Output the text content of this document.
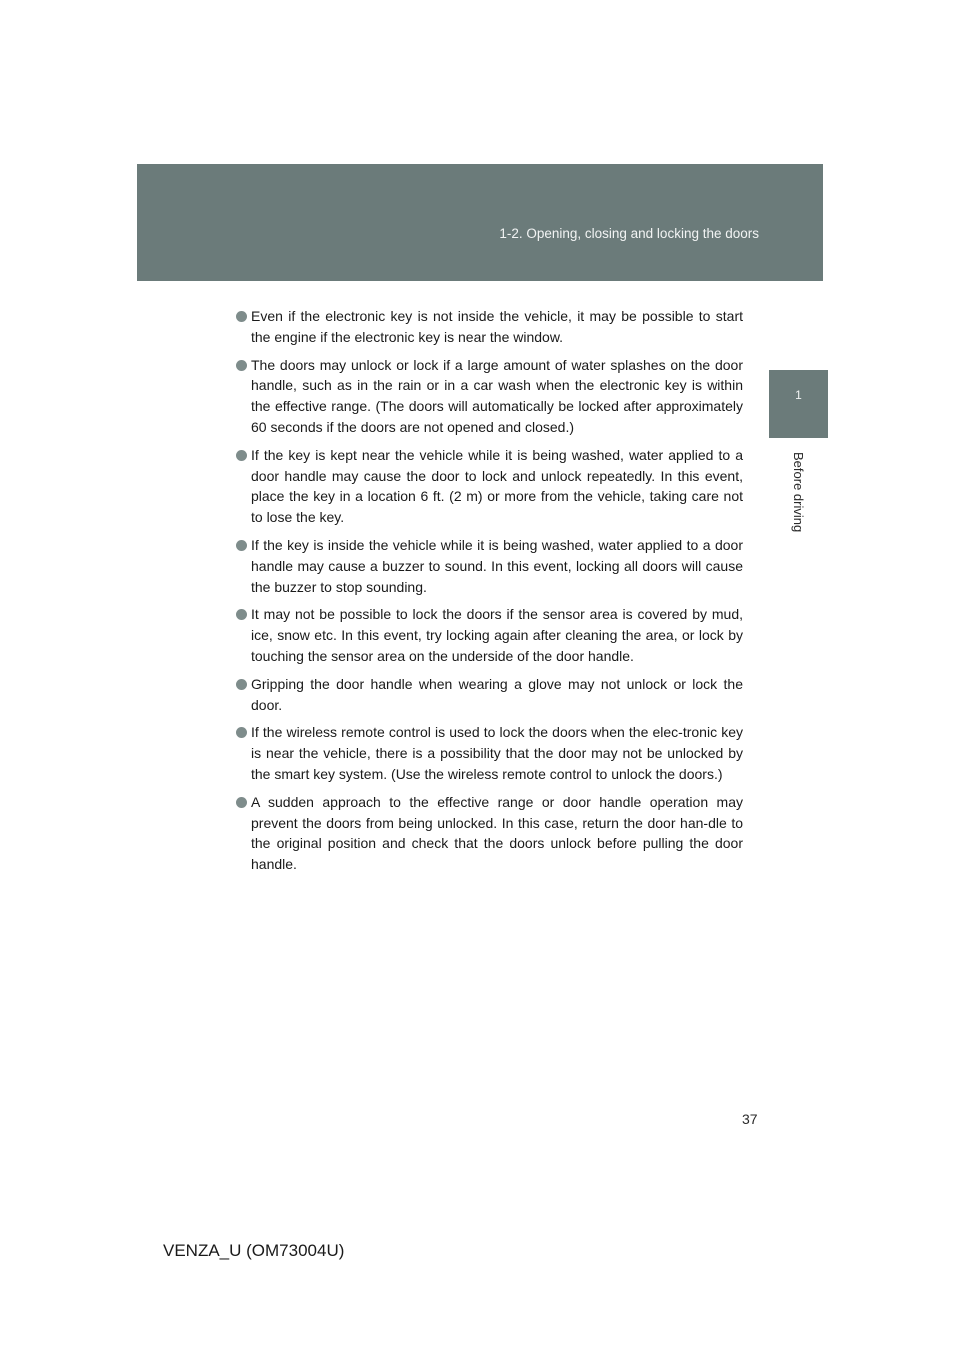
1-2. Opening, closing and locking the doors
1
Before driving
Even if the electronic key is not inside the vehicle, it may be possible to start the engine if the electronic key is near the window.
The doors may unlock or lock if a large amount of water splashes on the door handle, such as in the rain or in a car wash when the electronic key is within the effective range. (The doors will automatically be locked after approximately 60 seconds if the doors are not opened and closed.)
If the key is kept near the vehicle while it is being washed, water applied to a door handle may cause the door to lock and unlock repeatedly. In this event, place the key in a location 6 ft. (2 m) or more from the vehicle, taking care not to lose the key.
If the key is inside the vehicle while it is being washed, water applied to a door handle may cause a buzzer to sound. In this event, locking all doors will cause the buzzer to stop sounding.
It may not be possible to lock the doors if the sensor area is covered by mud, ice, snow etc. In this event, try locking again after cleaning the area, or lock by touching the sensor area on the underside of the door handle.
Gripping the door handle when wearing a glove may not unlock or lock the door.
If the wireless remote control is used to lock the doors when the elec-tronic key is near the vehicle, there is a possibility that the door may not be unlocked by the smart key system. (Use the wireless remote control to unlock the doors.)
A sudden approach to the effective range or door handle operation may prevent the doors from being unlocked. In this case, return the door han-dle to the original position and check that the doors unlock before pulling the door handle.
37
VENZA_U (OM73004U)
